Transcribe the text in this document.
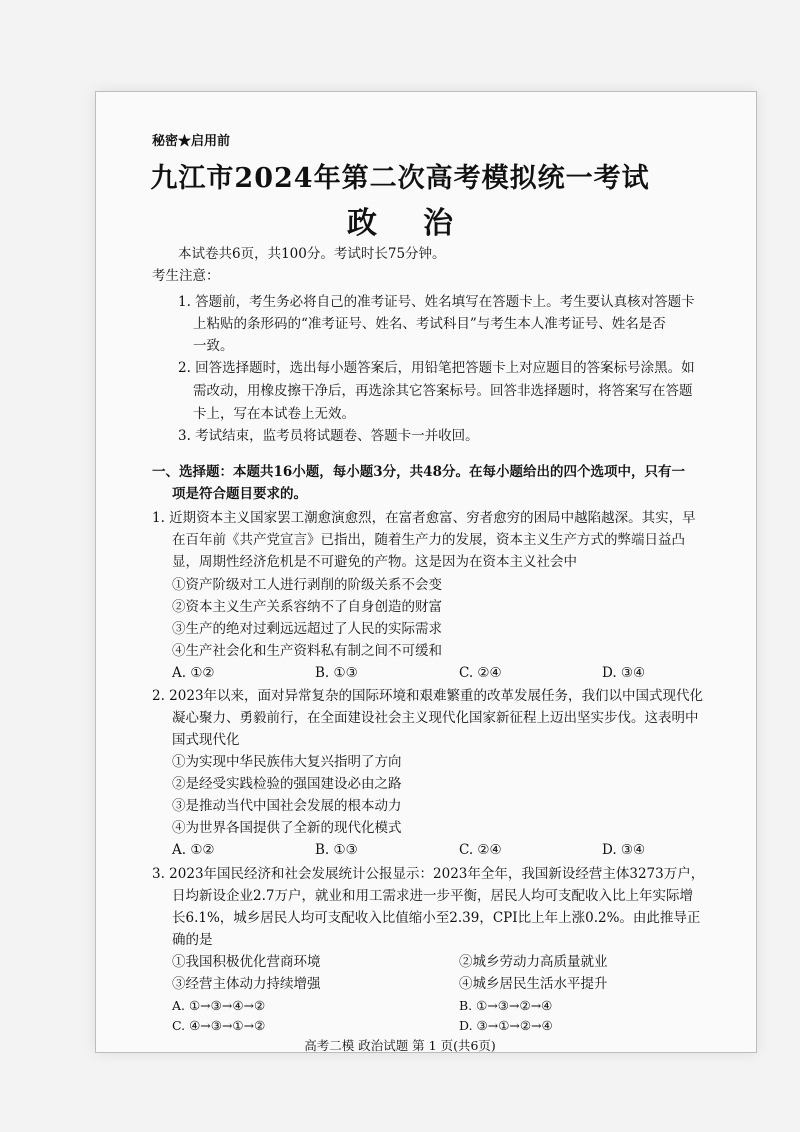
秘密★启用前
九江市2024年第二次高考模拟统一考试
政治
本试卷共6页，共100分。考试时长75分钟。
考生注意：
1. 答题前，考生务必将自己的准考证号、姓名填写在答题卡上。考生要认真核对答题卡
上粘贴的条形码的“准考证号、姓名、考试科目”与考生本人准考证号、姓名是否
一致。
2. 回答选择题时，选出每小题答案后，用铅笔把答题卡上对应题目的答案标号涂黑。如
需改动，用橡皮擦干净后，再选涂其它答案标号。回答非选择题时，将答案写在答题
卡上，写在本试卷上无效。
3. 考试结束，监考员将试题卷、答题卡一并收回。
一、选择题：本题共16小题，每小题3分，共48分。在每小题给出的四个选项中，只有一
项是符合题目要求的。
1. 近期资本主义国家罢工潮愈演愈烈，在富者愈富、穷者愈穷的困局中越陷越深。其实，早
在百年前《共产党宣言》已指出，随着生产力的发展，资本主义生产方式的弊端日益凸
显，周期性经济危机是不可避免的产物。这是因为在资本主义社会中
①资产阶级对工人进行剥削的阶级关系不会变
②资本主义生产关系容纳不了自身创造的财富
③生产的绝对过剩远远超过了人民的实际需求
④生产社会化和生产资料私有制之间不可缓和
A. ①②	B. ①③	C. ②④	D. ③④
2. 2023年以来，面对异常复杂的国际环境和艰难繁重的改革发展任务，我们以中国式现代化
凝心聚力、勇毅前行，在全面建设社会主义现代化国家新征程上迈出坚实步伐。这表明中
国式现代化
①为实现中华民族伟大复兴指明了方向
②是经受实践检验的强国建设必由之路
③是推动当代中国社会发展的根本动力
④为世界各国提供了全新的现代化模式
A. ①②	B. ①③	C. ②④	D. ③④
3. 2023年国民经济和社会发展统计公报显示：2023年全年，我国新设经营主体3273万户，
日均新设企业2.7万户，就业和用工需求进一步平衡，居民人均可支配收入比上年实际增
长6.1%，城乡居民人均可支配收入比值缩小至2.39，CPI比上年上涨0.2%。由此推导正
确的是
①我国积极优化营商环境	②城乡劳动力高质量就业
③经营主体动力持续增强	④城乡居民生活水平提升
A. ①→③→④→②	B. ①→③→②→④
C. ④→③→①→②	D. ③→①→②→④
高考二模 政治试题 第 1 页(共6页)
